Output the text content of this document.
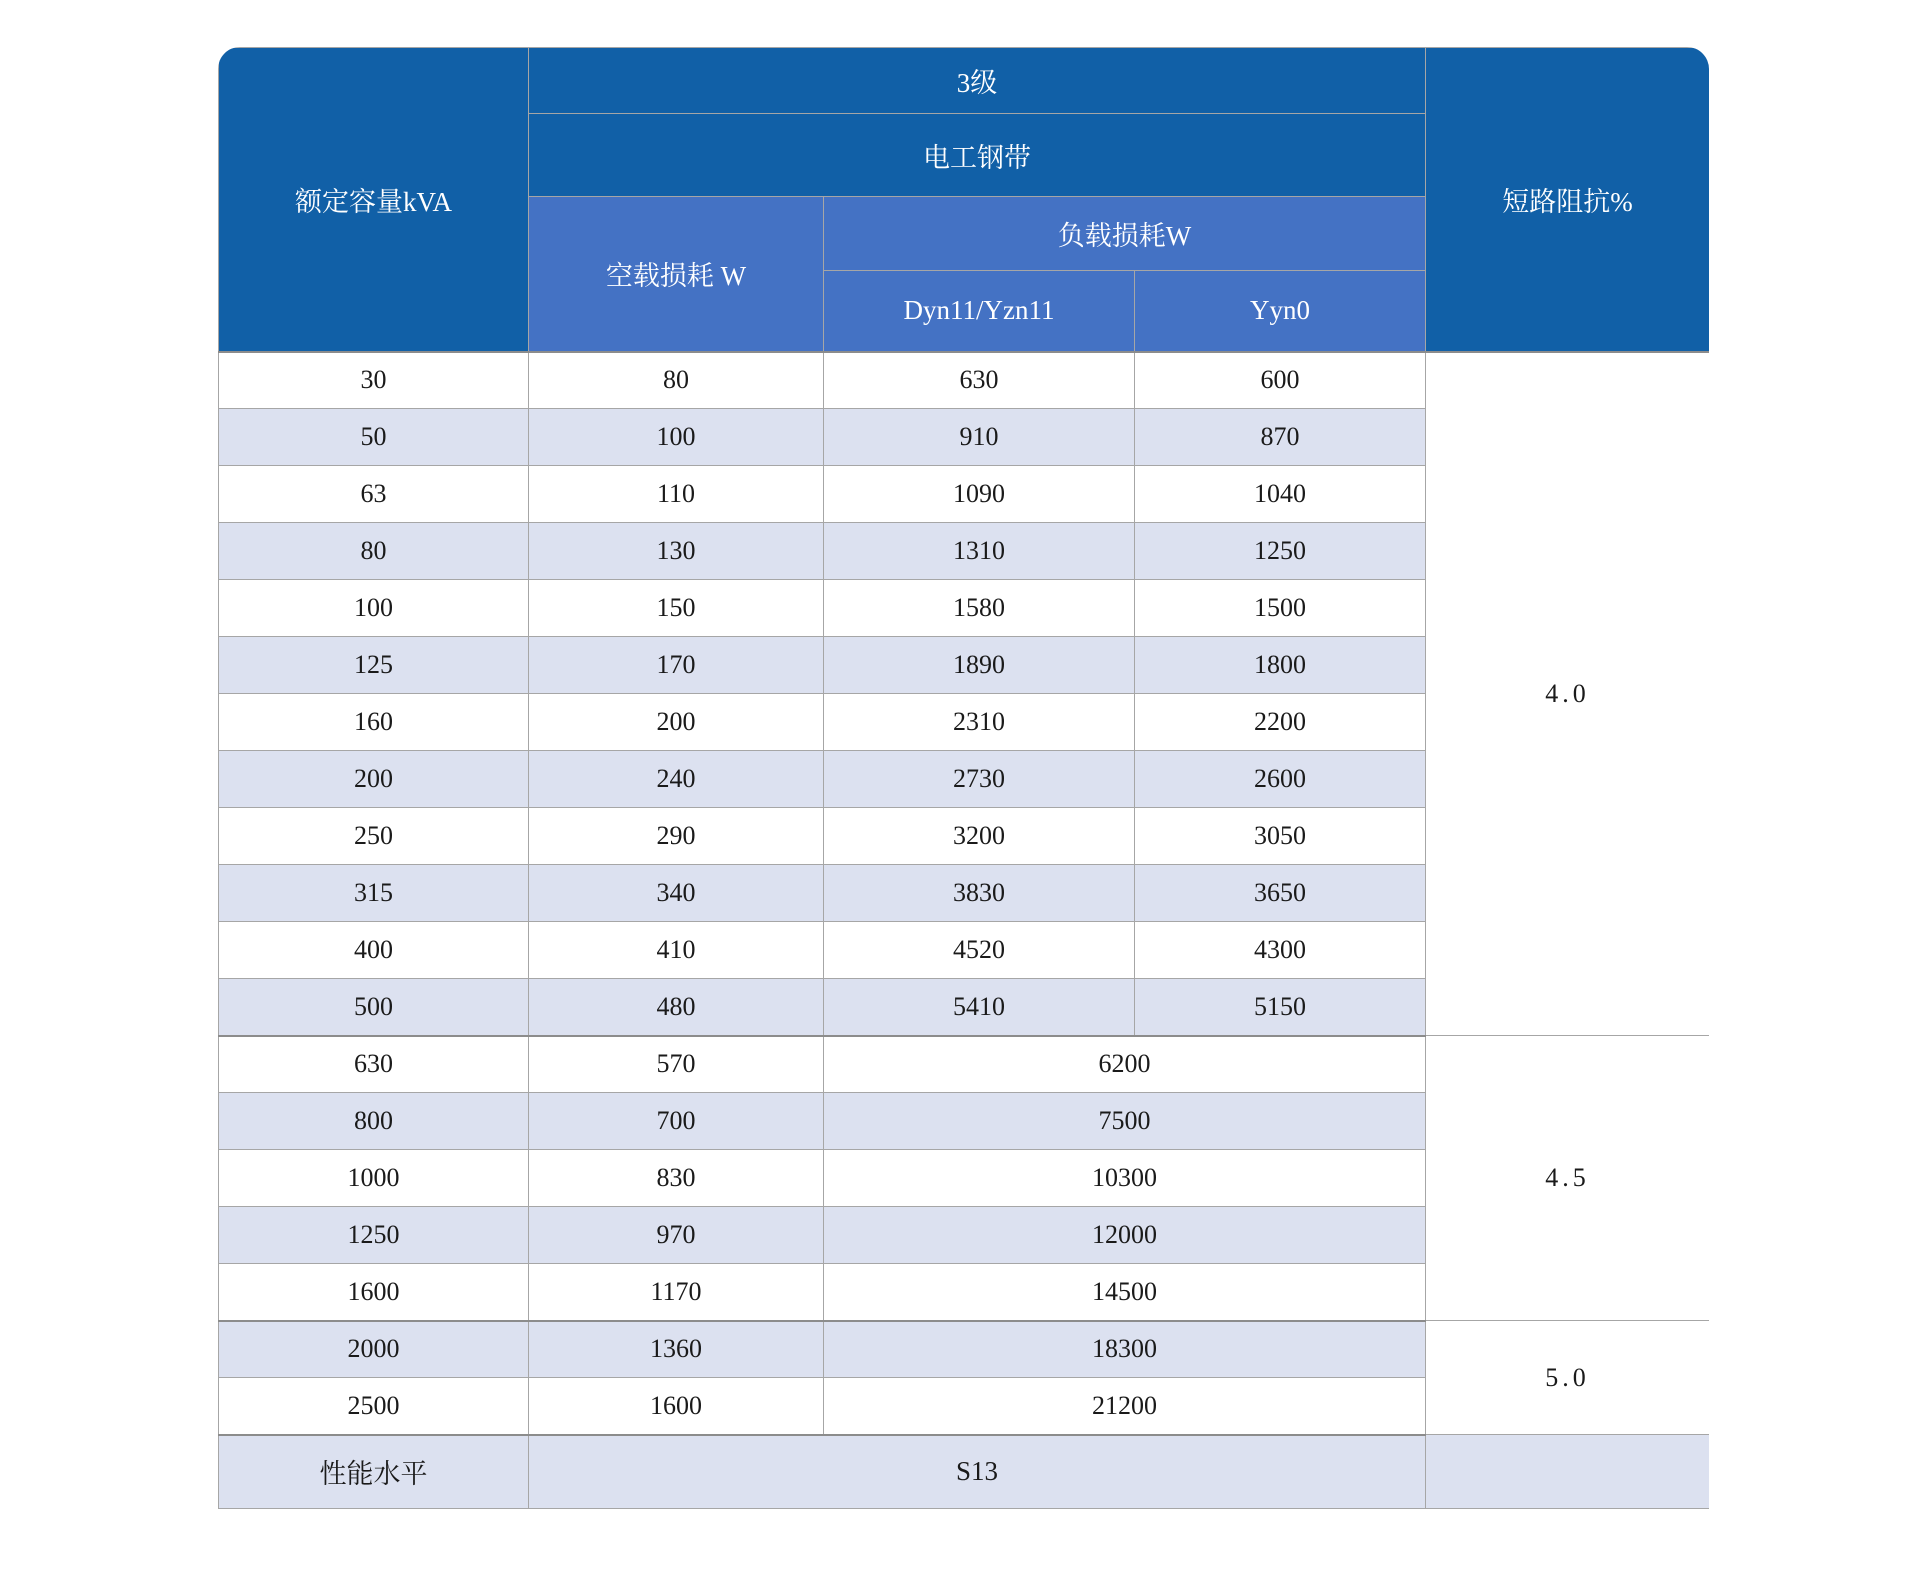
额定容量kVA	3级			短路阻抗%
	电工钢带			
	空载损耗 W	负载损耗W		
		Dyn11/Yzn11	Yyn0	
30	80	630	600	4.0
50	100	910	870	
63	110	1090	1040	
80	130	1310	1250	
100	150	1580	1500	
125	170	1890	1800	
160	200	2310	2200	
200	240	2730	2600	
250	290	3200	3050	
315	340	3830	3650	
400	410	4520	4300	
500	480	5410	5150	
630	570	6200		4.5
800	700	7500		
1000	830	10300		
1250	970	12000		
1600	1170	14500		
2000	1360	18300		5.0
2500	1600	21200		
性能水平	S13			
